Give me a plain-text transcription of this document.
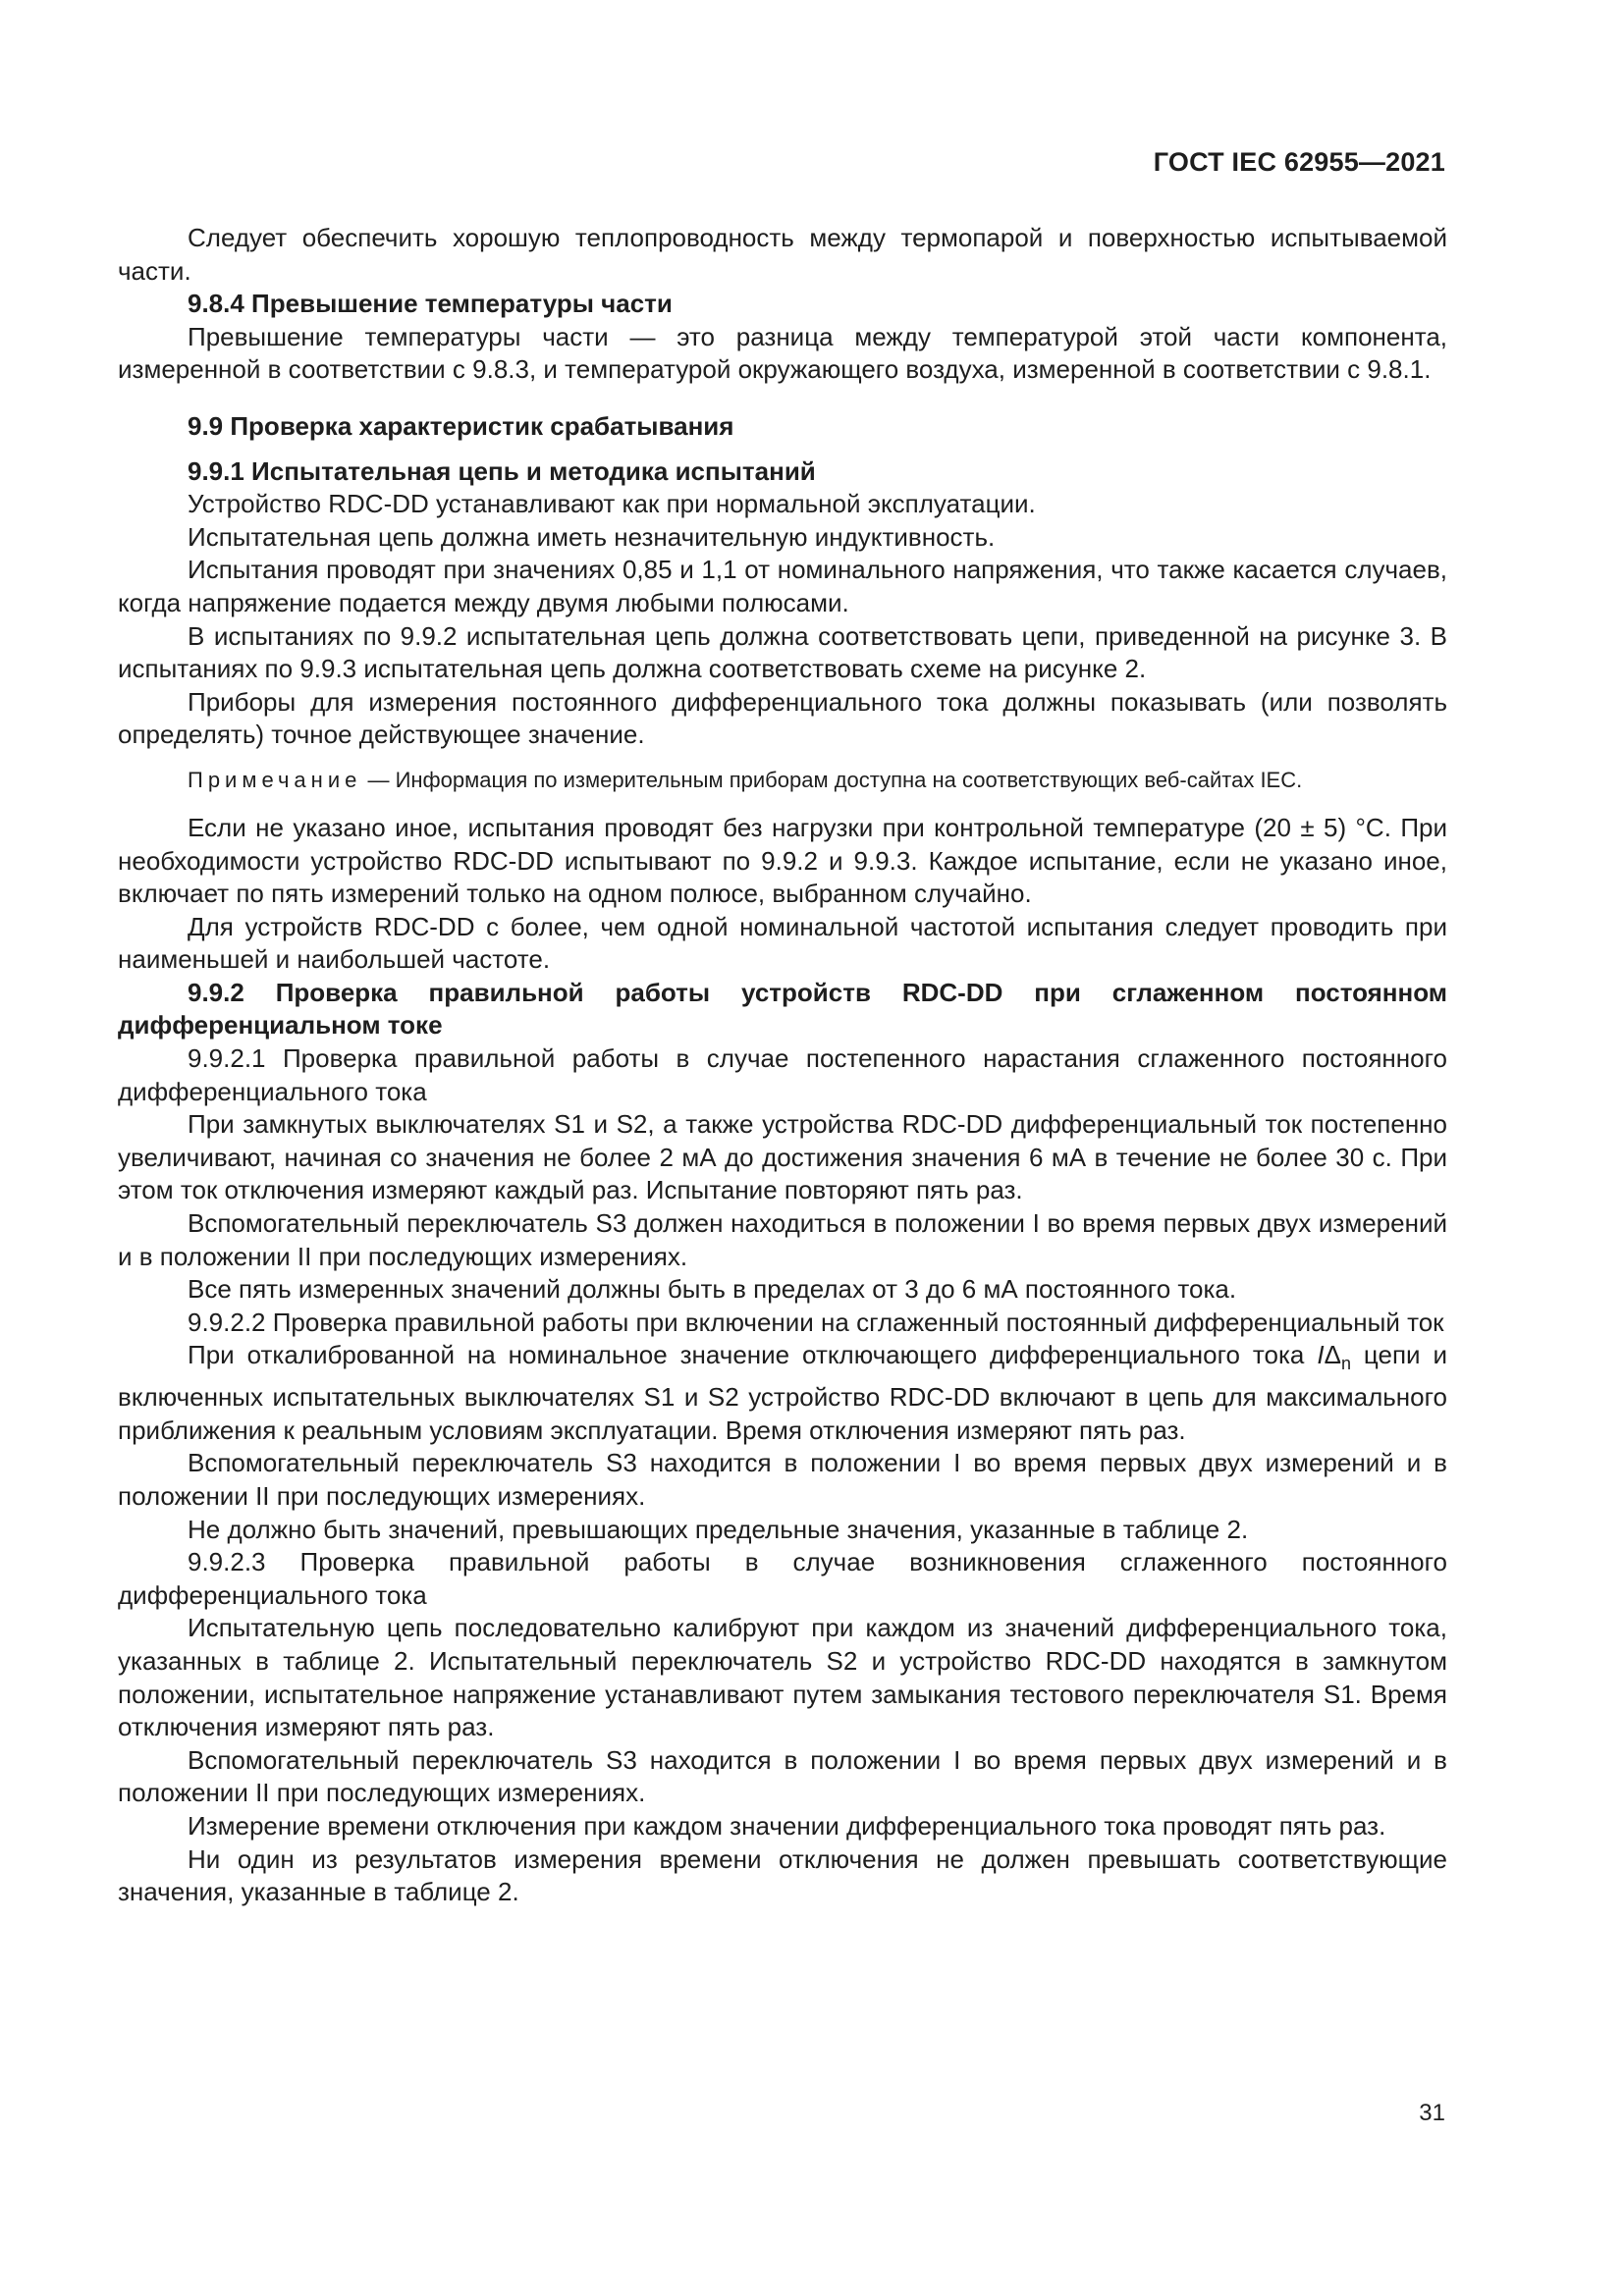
ГОСТ IEC 62955—2021

Следует обеспечить хорошую теплопроводность между термопарой и поверхностью испытываемой части.

9.8.4 Превышение температуры части

Превышение температуры части — это разница между температурой этой части компонента, измеренной в соответствии с 9.8.3, и температурой окружающего воздуха, измеренной в соответствии с 9.8.1.

9.9 Проверка характеристик срабатывания

9.9.1 Испытательная цепь и методика испытаний

Устройство RDC-DD устанавливают как при нормальной эксплуатации.

Испытательная цепь должна иметь незначительную индуктивность.

Испытания проводят при значениях 0,85 и 1,1 от номинального напряжения, что также касается случаев, когда напряжение подается между двумя любыми полюсами.

В испытаниях по 9.9.2 испытательная цепь должна соответствовать цепи, приведенной на рисунке 3. В испытаниях по 9.9.3 испытательная цепь должна соответствовать схеме на рисунке 2.

Приборы для измерения постоянного дифференциального тока должны показывать (или позволять определять) точное действующее значение.

Примечание — Информация по измерительным приборам доступна на соответствующих веб-сайтах IEC.

Если не указано иное, испытания проводят без нагрузки при контрольной температуре (20 ± 5) °С. При необходимости устройство RDC-DD испытывают по 9.9.2 и 9.9.3. Каждое испытание, если не указано иное, включает по пять измерений только на одном полюсе, выбранном случайно.

Для устройств RDC-DD с более, чем одной номинальной частотой испытания следует проводить при наименьшей и наибольшей частоте.

9.9.2 Проверка правильной работы устройств RDC-DD при сглаженном постоянном дифференциальном токе

9.9.2.1 Проверка правильной работы в случае постепенного нарастания сглаженного постоянного дифференциального тока

При замкнутых выключателях S1 и S2, а также устройства RDC-DD дифференциальный ток постепенно увеличивают, начиная со значения не более 2 мА до достижения значения 6 мА в течение не более 30 с. При этом ток отключения измеряют каждый раз. Испытание повторяют пять раз.

Вспомогательный переключатель S3 должен находиться в положении I во время первых двух измерений и в положении II при последующих измерениях.

Все пять измеренных значений должны быть в пределах от 3 до 6 мА постоянного тока.

9.9.2.2 Проверка правильной работы при включении на сглаженный постоянный дифференциальный ток

При откалиброванной на номинальное значение отключающего дифференциального тока $I\Delta_n$ цепи и включенных испытательных выключателях S1 и S2 устройство RDC-DD включают в цепь для максимального приближения к реальным условиям эксплуатации. Время отключения измеряют пять раз.

Вспомогательный переключатель S3 находится в положении I во время первых двух измерений и в положении II при последующих измерениях.

Не должно быть значений, превышающих предельные значения, указанные в таблице 2.

9.9.2.3 Проверка правильной работы в случае возникновения сглаженного постоянного дифференциального тока

Испытательную цепь последовательно калибруют при каждом из значений дифференциального тока, указанных в таблице 2. Испытательный переключатель S2 и устройство RDC-DD находятся в замкнутом положении, испытательное напряжение устанавливают путем замыкания тестового переключателя S1. Время отключения измеряют пять раз.

Вспомогательный переключатель S3 находится в положении I во время первых двух измерений и в положении II при последующих измерениях.

Измерение времени отключения при каждом значении дифференциального тока проводят пять раз.

Ни один из результатов измерения времени отключения не должен превышать соответствующие значения, указанные в таблице 2.

31
